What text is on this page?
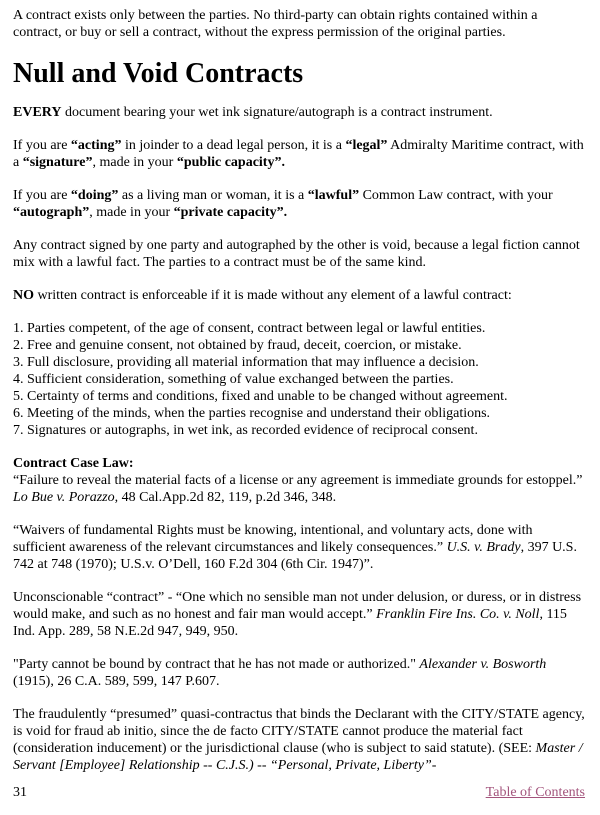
A contract exists only between the parties. No third-party can obtain rights contained within a contract, or buy or sell a contract, without the express permission of the original parties.

Null and Void Contracts

EVERY document bearing your wet ink signature/autograph is a contract instrument.

If you are “acting” in joinder to a dead legal person, it is a “legal” Admiralty Maritime contract, with a “signature”, made in your “public capacity”.

If you are “doing” as a living man or woman, it is a “lawful” Common Law contract, with your “autograph”, made in your “private capacity”.

Any contract signed by one party and autographed by the other is void, because a legal fiction cannot mix with a lawful fact. The parties to a contract must be of the same kind.

NO written contract is enforceable if it is made without any element of a lawful contract:

1. Parties competent, of the age of consent, contract between legal or lawful entities.

2. Free and genuine consent, not obtained by fraud, deceit, coercion, or mistake.

3. Full disclosure, providing all material information that may influence a decision.

4. Sufficient consideration, something of value exchanged between the parties.

5. Certainty of terms and conditions, fixed and unable to be changed without agreement.

6. Meeting of the minds, when the parties recognise and understand their obligations.

7. Signatures or autographs, in wet ink, as recorded evidence of reciprocal consent.

Contract Case Law:
“Failure to reveal the material facts of a license or any agreement is immediate grounds for estoppel.” Lo Bue v. Porazzo, 48 Cal.App.2d 82, 119, p.2d 346, 348.

“Waivers of fundamental Rights must be knowing, intentional, and voluntary acts, done with sufficient awareness of the relevant circumstances and likely consequences.” U.S. v. Brady, 397 U.S. 742 at 748 (1970); U.S.v. O’Dell, 160 F.2d 304 (6th Cir. 1947)”.

Unconscionable “contract” - “One which no sensible man not under delusion, or duress, or in distress would make, and such as no honest and fair man would accept.” Franklin Fire Ins. Co. v. Noll, 115 Ind. App. 289, 58 N.E.2d 947, 949, 950.

"Party cannot be bound by contract that he has not made or authorized." Alexander v. Bosworth (1915), 26 C.A. 589, 599, 147 P.607.

The fraudulently “presumed” quasi-contractus that binds the Declarant with the CITY/STATE agency, is void for fraud ab initio, since the de facto CITY/STATE cannot produce the material fact (consideration inducement) or the jurisdictional clause (who is subject to said statute). (SEE: Master / Servant [Employee] Relationship -- C.J.S.) -- “Personal, Private, Liberty”-

31	Table of Contents
